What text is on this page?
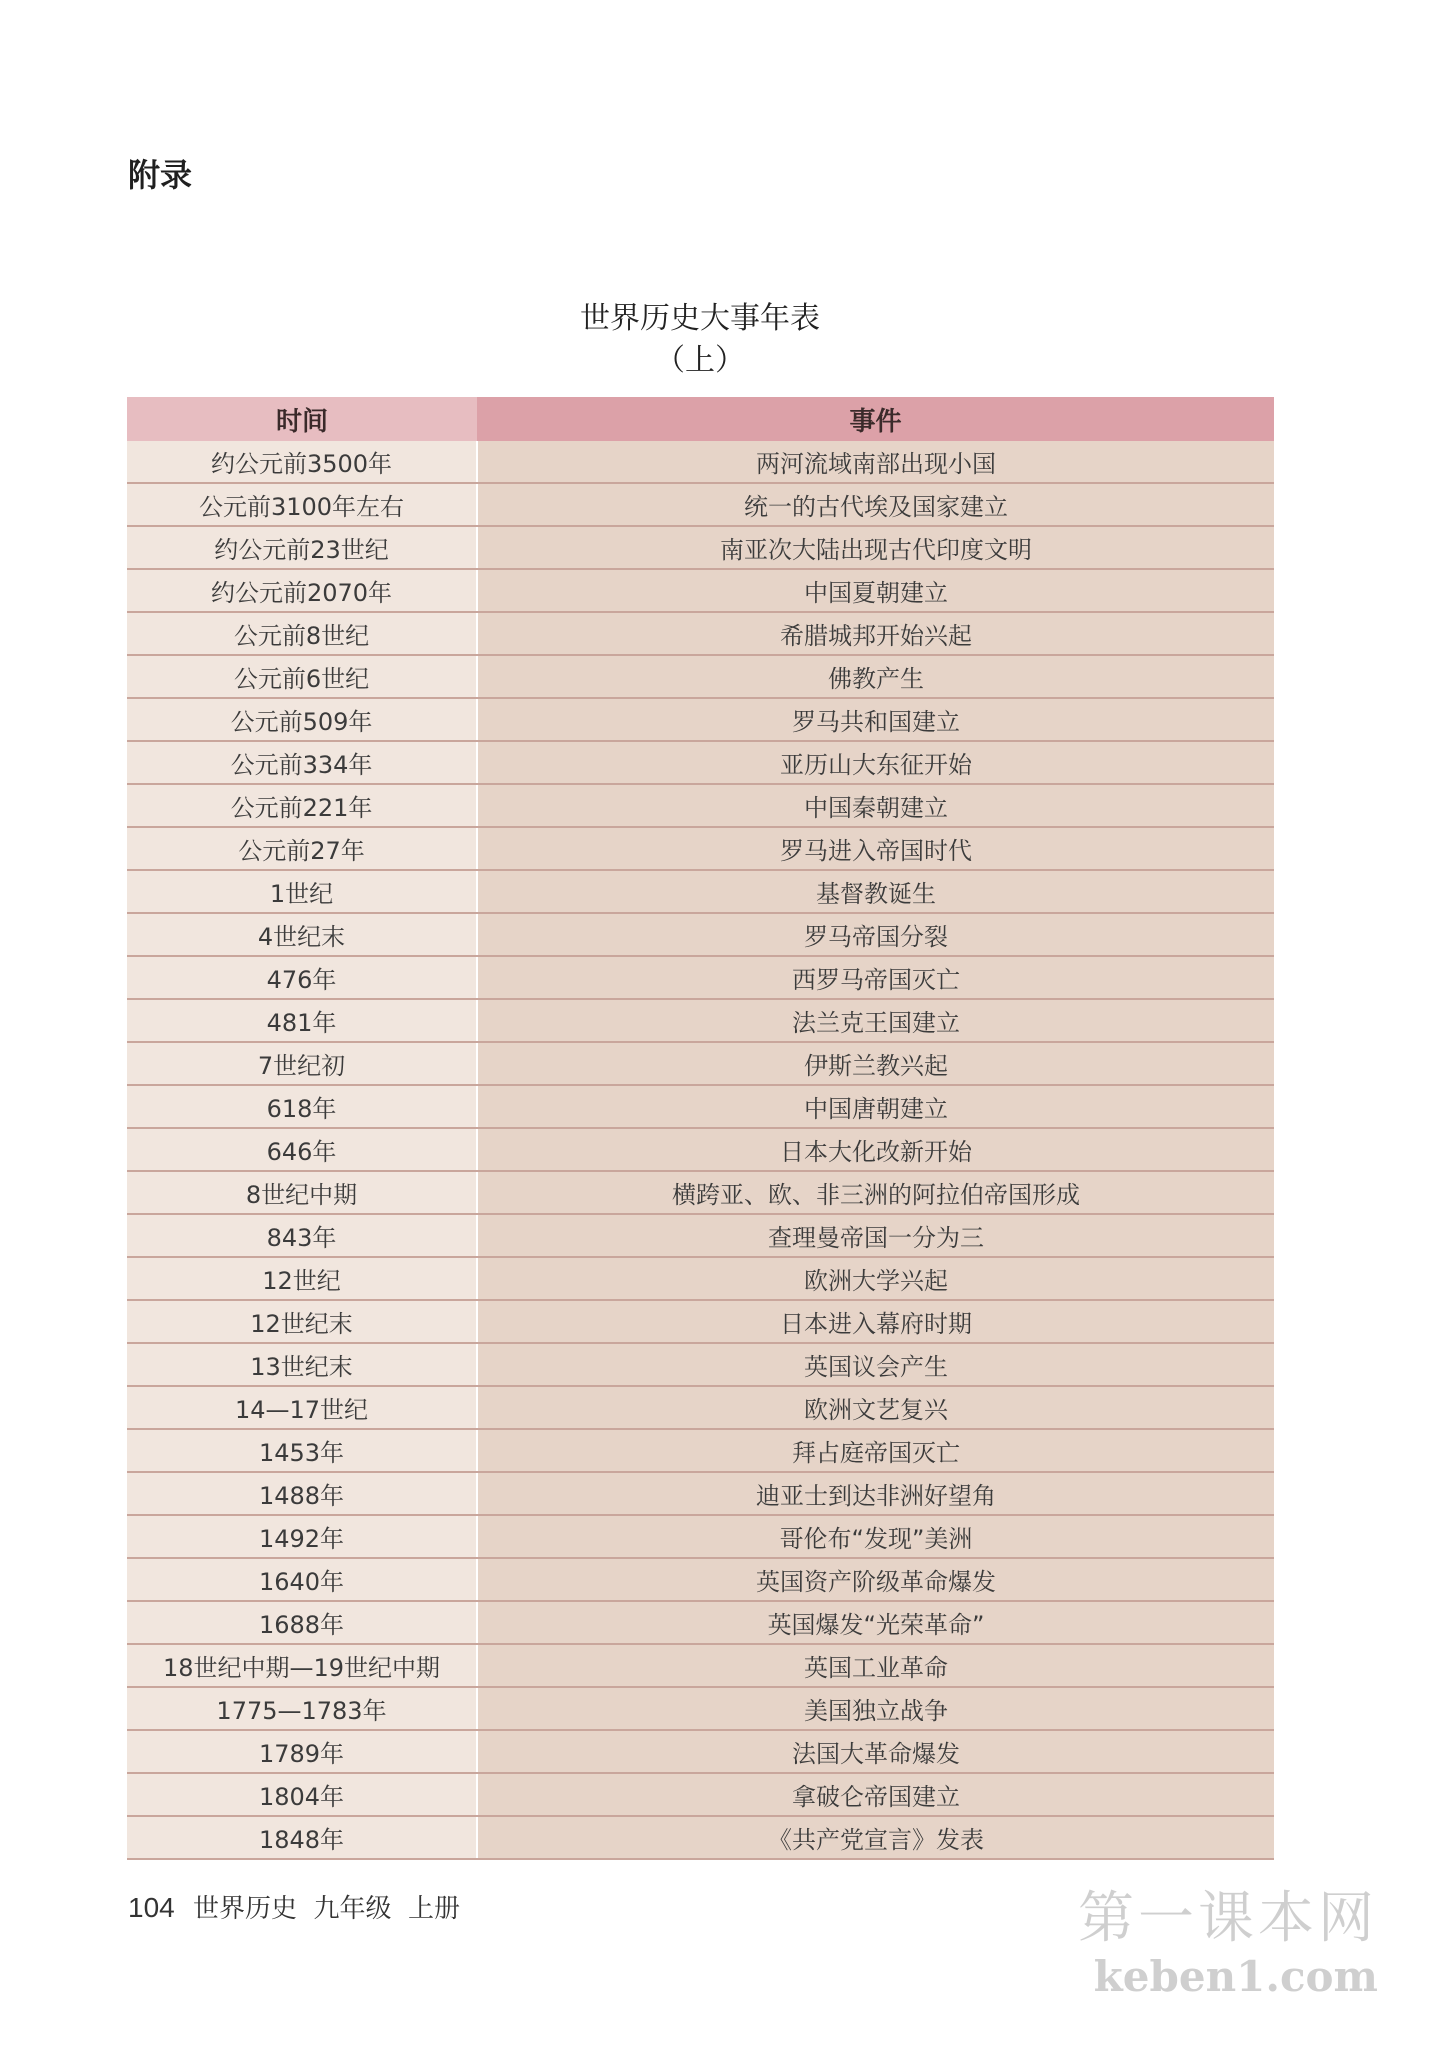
附录
世界历史大事年表
（上）
时间	事件
约公元前3500年	两河流域南部出现小国
公元前3100年左右	统一的古代埃及国家建立
约公元前23世纪	南亚次大陆出现古代印度文明
约公元前2070年	中国夏朝建立
公元前8世纪	希腊城邦开始兴起
公元前6世纪	佛教产生
公元前509年	罗马共和国建立
公元前334年	亚历山大东征开始
公元前221年	中国秦朝建立
公元前27年	罗马进入帝国时代
1世纪	基督教诞生
4世纪末	罗马帝国分裂
476年	西罗马帝国灭亡
481年	法兰克王国建立
7世纪初	伊斯兰教兴起
618年	中国唐朝建立
646年	日本大化改新开始
8世纪中期	横跨亚、欧、非三洲的阿拉伯帝国形成
843年	查理曼帝国一分为三
12世纪	欧洲大学兴起
12世纪末	日本进入幕府时期
13世纪末	英国议会产生
14—17世纪	欧洲文艺复兴
1453年	拜占庭帝国灭亡
1488年	迪亚士到达非洲好望角
1492年	哥伦布“发现”美洲
1640年	英国资产阶级革命爆发
1688年	英国爆发“光荣革命”
18世纪中期—19世纪中期	英国工业革命
1775—1783年	美国独立战争
1789年	法国大革命爆发
1804年	拿破仑帝国建立
1848年	《共产党宣言》发表
104 世界历史  九年级  上册	第一课本网
keben1.com
